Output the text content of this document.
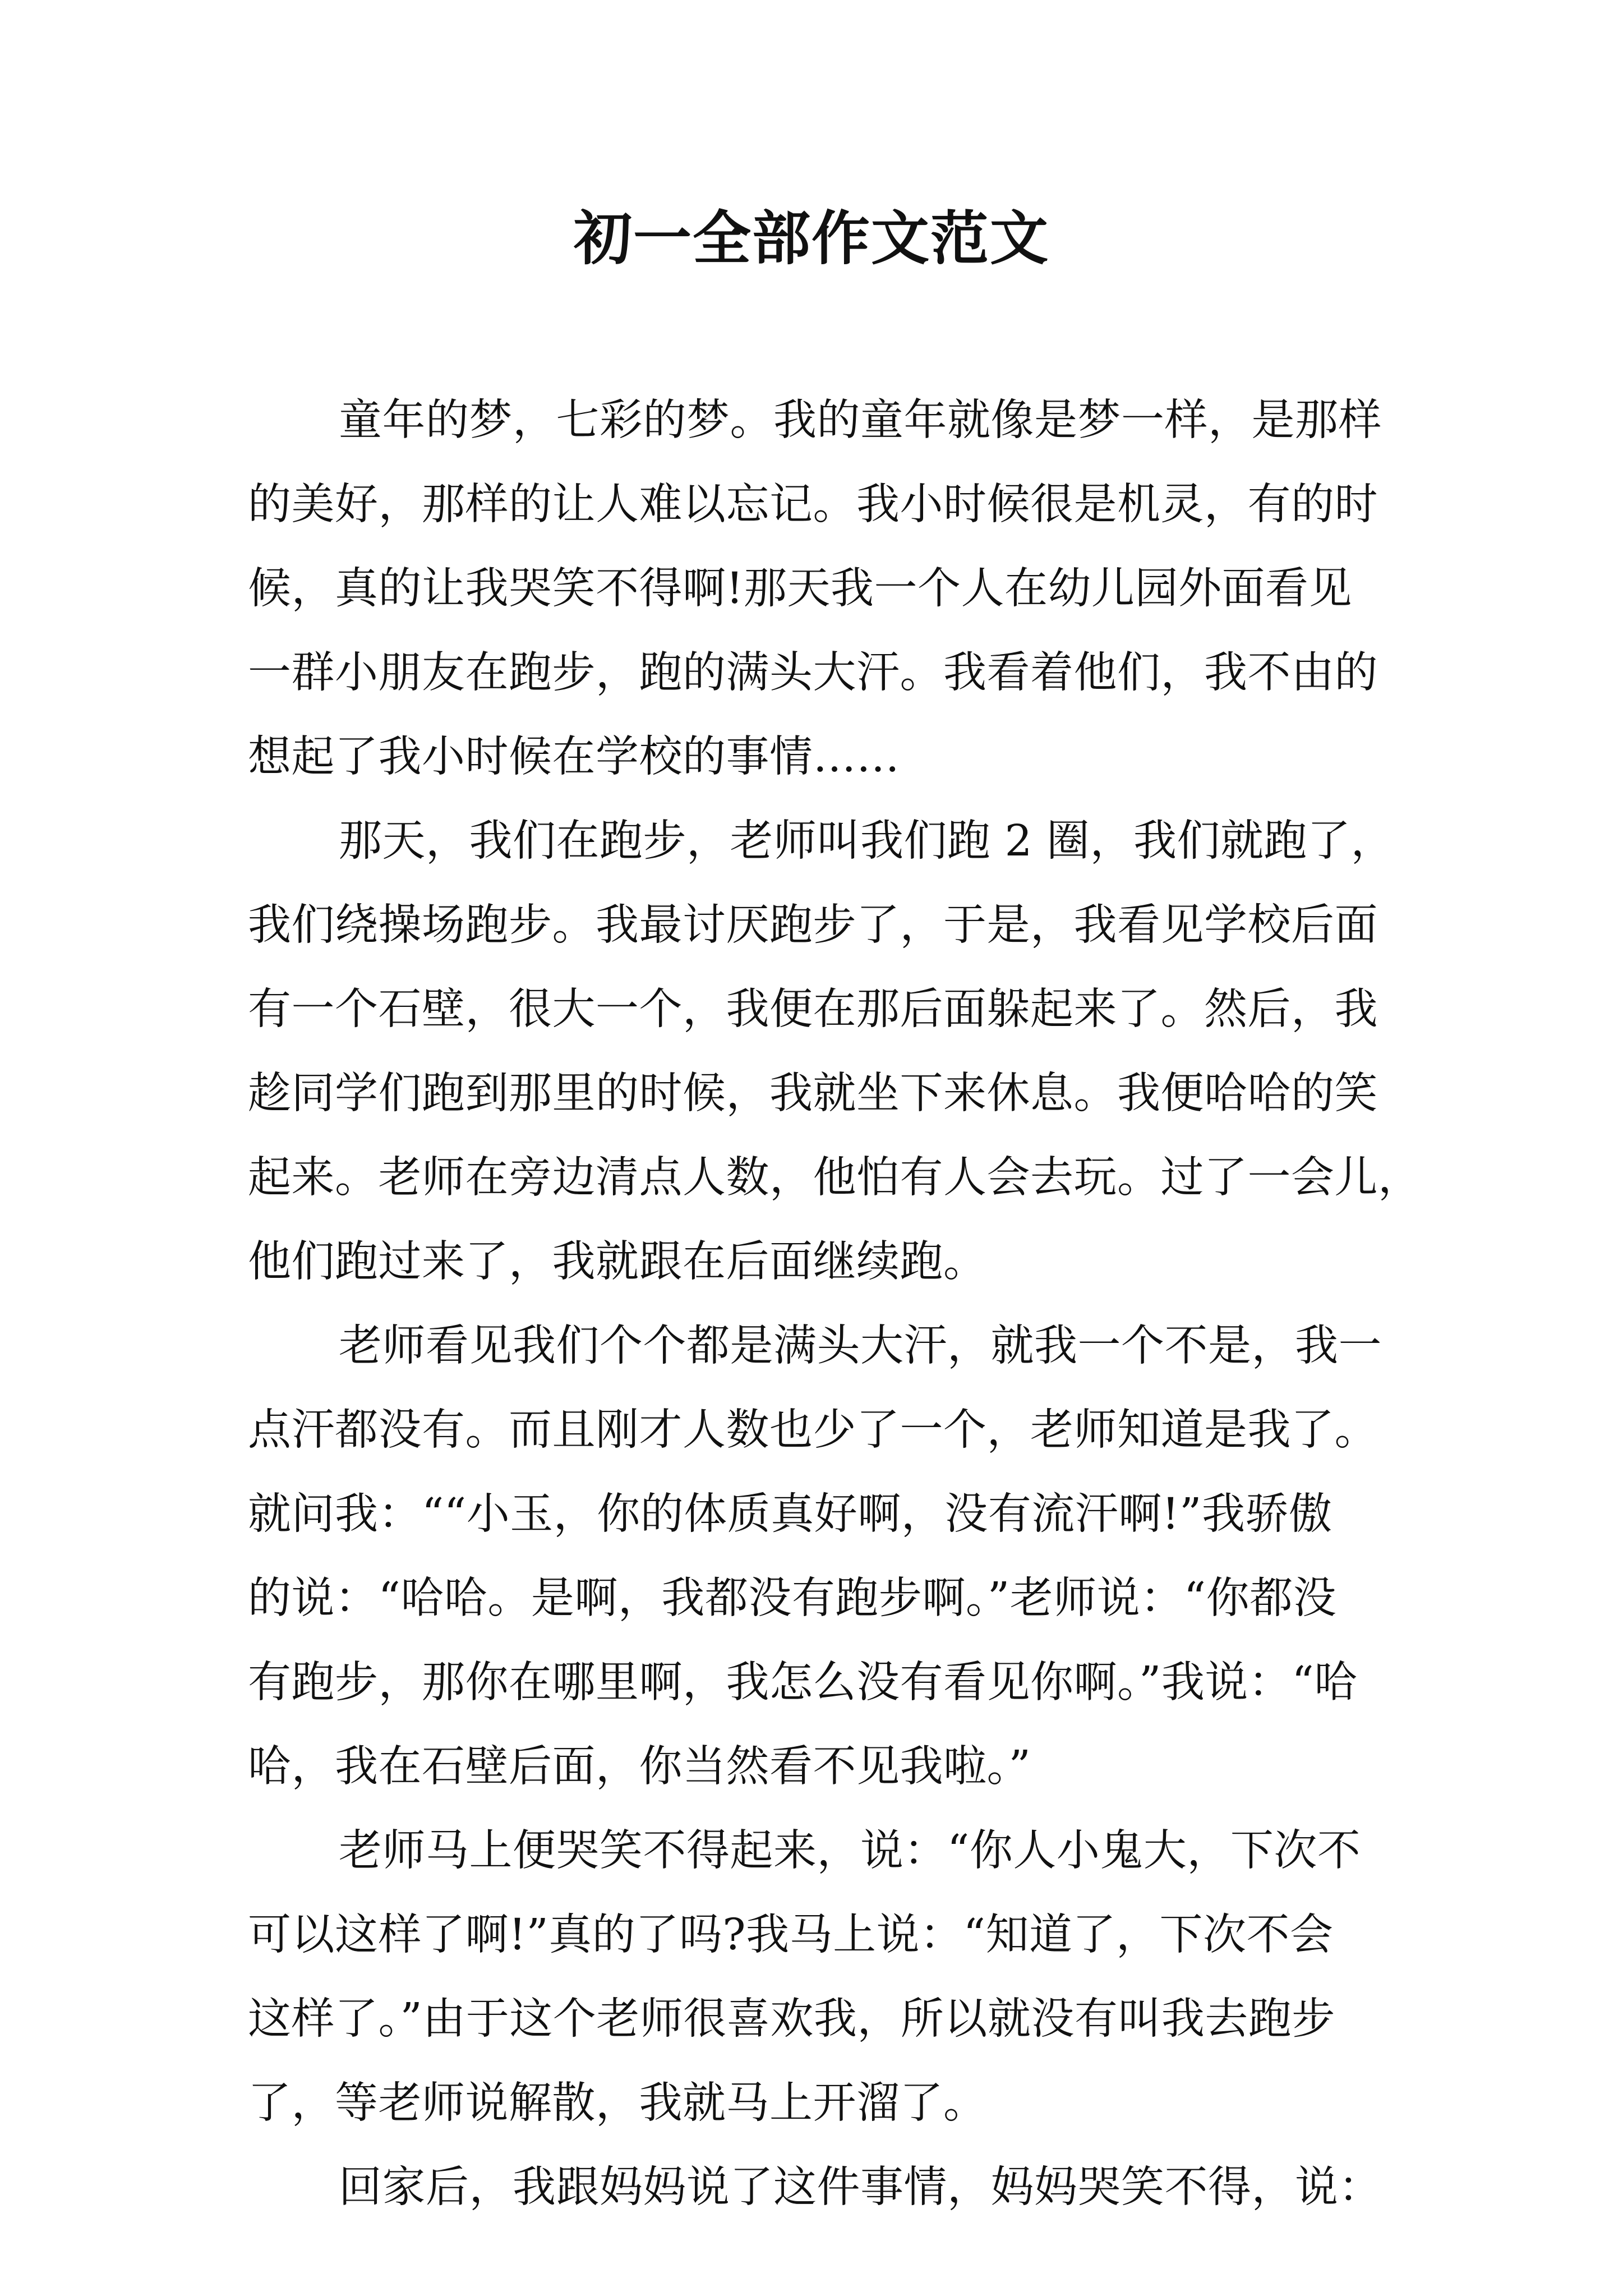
初一全部作文范文
童年的梦，七彩的梦。我的童年就像是梦一样，是那样
的美好，那样的让人难以忘记。我小时候很是机灵，有的时
候，真的让我哭笑不得啊!那天我一个人在幼儿园外面看见
一群小朋友在跑步，跑的满头大汗。我看着他们，我不由的
想起了我小时候在学校的事情……
那天，我们在跑步，老师叫我们跑 2 圈，我们就跑了，
我们绕操场跑步。我最讨厌跑步了，于是，我看见学校后面
有一个石壁，很大一个，我便在那后面躲起来了。然后，我
趁同学们跑到那里的时候，我就坐下来休息。我便哈哈的笑
起来。老师在旁边清点人数，他怕有人会去玩。过了一会儿，
他们跑过来了，我就跟在后面继续跑。
老师看见我们个个都是满头大汗，就我一个不是，我一
点汗都没有。而且刚才人数也少了一个，老师知道是我了。
就问我：““小玉，你的体质真好啊，没有流汗啊!”我骄傲
的说：“哈哈。是啊，我都没有跑步啊。”老师说：“你都没
有跑步，那你在哪里啊，我怎么没有看见你啊。”我说：“哈
哈，我在石壁后面，你当然看不见我啦。”
老师马上便哭笑不得起来，说：“你人小鬼大，下次不
可以这样了啊!”真的了吗?我马上说：“知道了，下次不会
这样了。”由于这个老师很喜欢我，所以就没有叫我去跑步
了，等老师说解散，我就马上开溜了。
回家后，我跟妈妈说了这件事情，妈妈哭笑不得，说：
